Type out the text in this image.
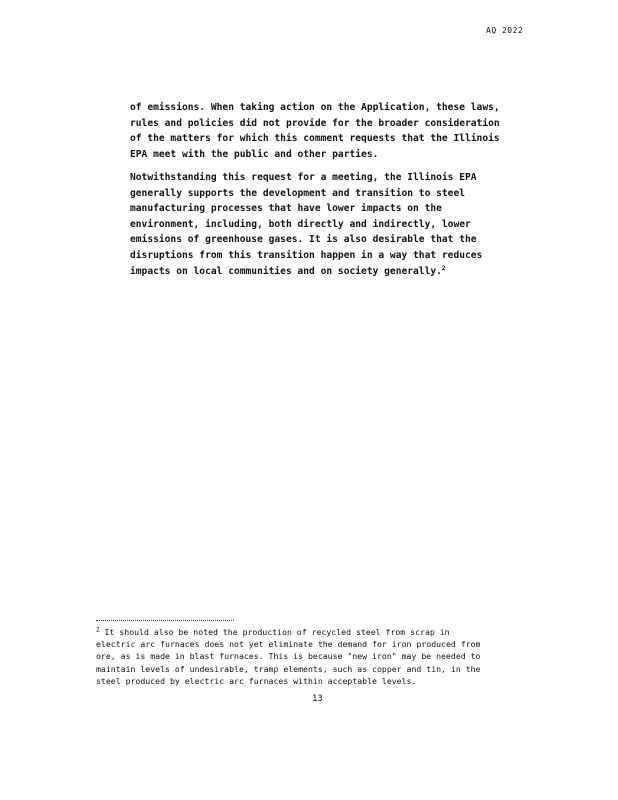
AQ 2022
of emissions. When taking action on the Application, these laws,
rules and policies did not provide for the broader consideration
of the matters for which this comment requests that the Illinois
EPA meet with the public and other parties.
Notwithstanding this request for a meeting, the Illinois EPA
generally supports the development and transition to steel
manufacturing processes that have lower impacts on the
environment, including, both directly and indirectly, lower
emissions of greenhouse gases. It is also desirable that the
disruptions from this transition happen in a way that reduces
impacts on local communities and on society generally.$^2$
$^2$ It should also be noted the production of recycled steel from scrap in
electric arc furnaces does not yet eliminate the demand for iron produced from
ore, as is made in blast furnaces. This is because "new iron" may be needed to
maintain levels of undesirable, tramp elements, such as copper and tin, in the
steel produced by electric arc furnaces within acceptable levels.
13
